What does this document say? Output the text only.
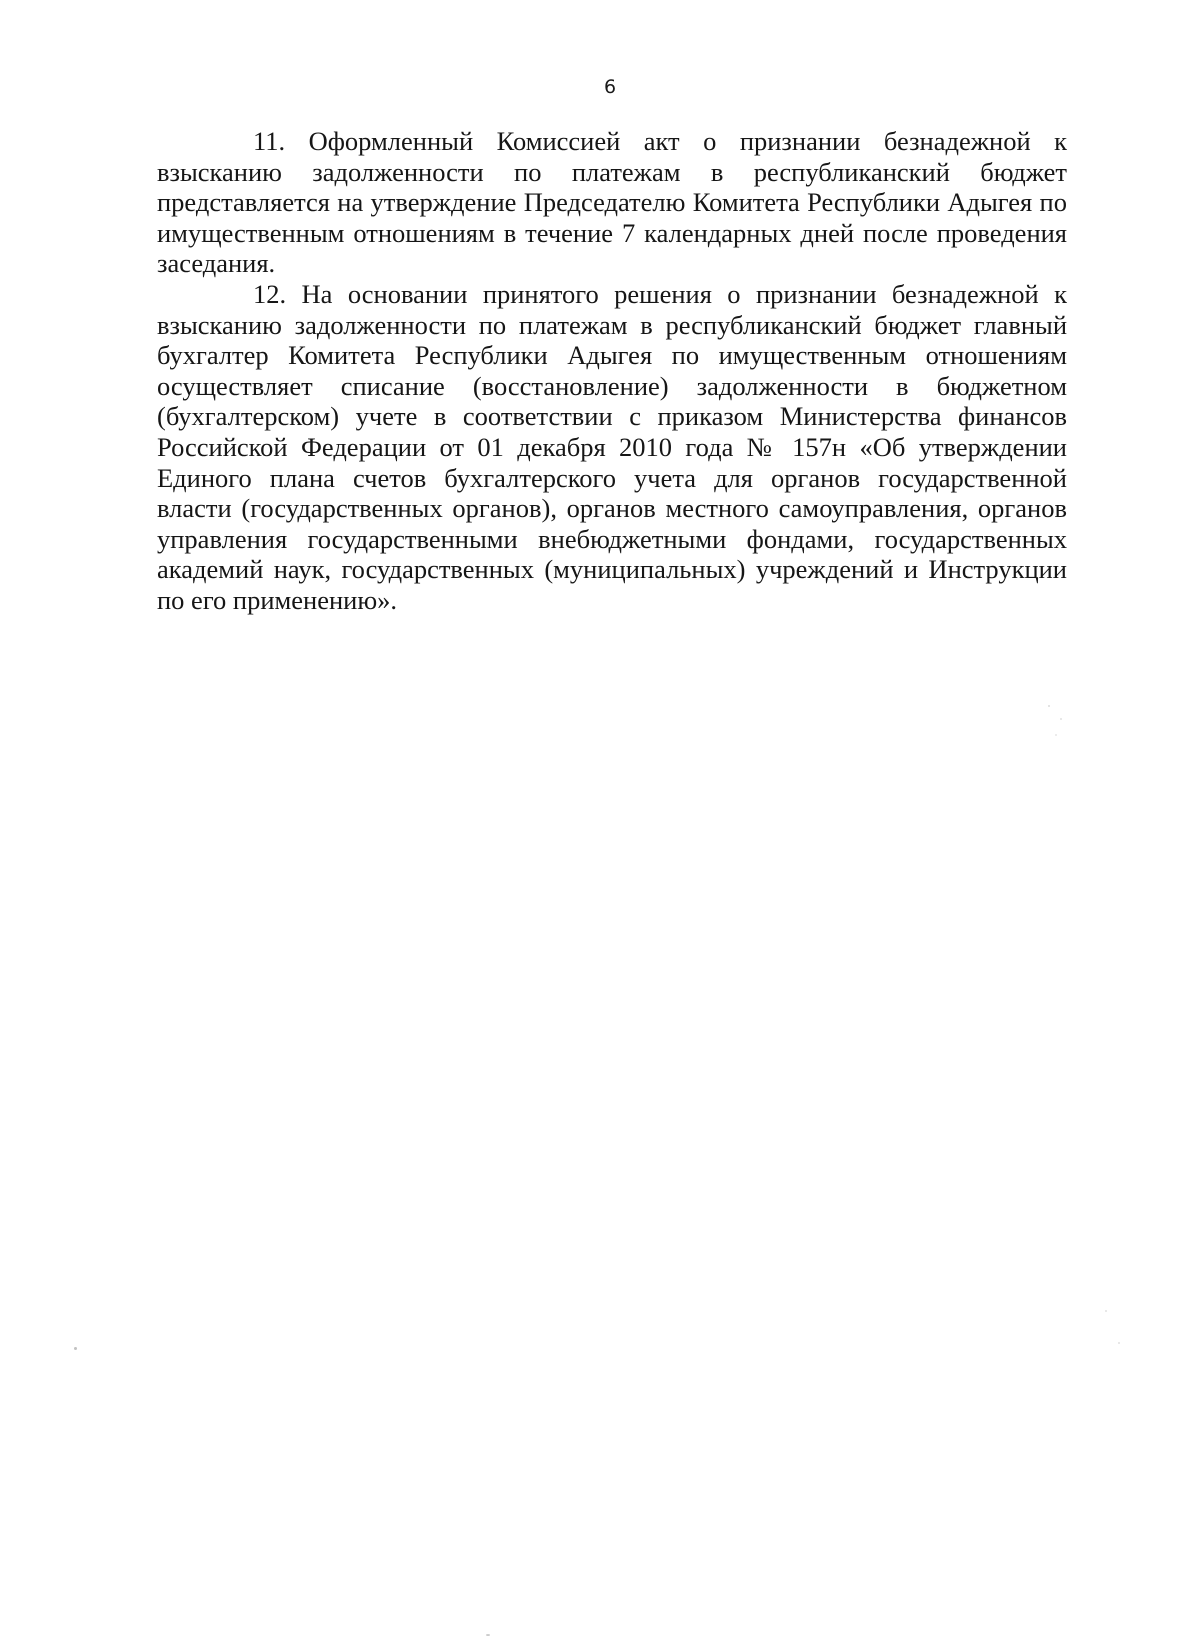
6

11. Оформленный Комиссией акт о признании безнадежной к взысканию задолженности по платежам в республиканский бюджет представляется на утверждение Председателю Комитета Республики Адыгея по имущественным отношениям в течение 7 календарных дней после проведения заседания.

12. На основании принятого решения о признании безнадежной к взысканию задолженности по платежам в республиканский бюджет главный бухгалтер Комитета Республики Адыгея по имущественным отношениям осуществляет списание (восстановление) задолженности в бюджетном (бухгалтерском) учете в соответствии с приказом Министерства финансов Российской Федерации от 01 декабря 2010 года № 157н «Об утверждении Единого плана счетов бухгалтерского учета для органов государственной власти (государственных органов), органов местного самоуправления, органов управления государственными внебюджетными фондами, государственных академий наук, государственных (муниципальных) учреждений и Инструкции по его применению».
